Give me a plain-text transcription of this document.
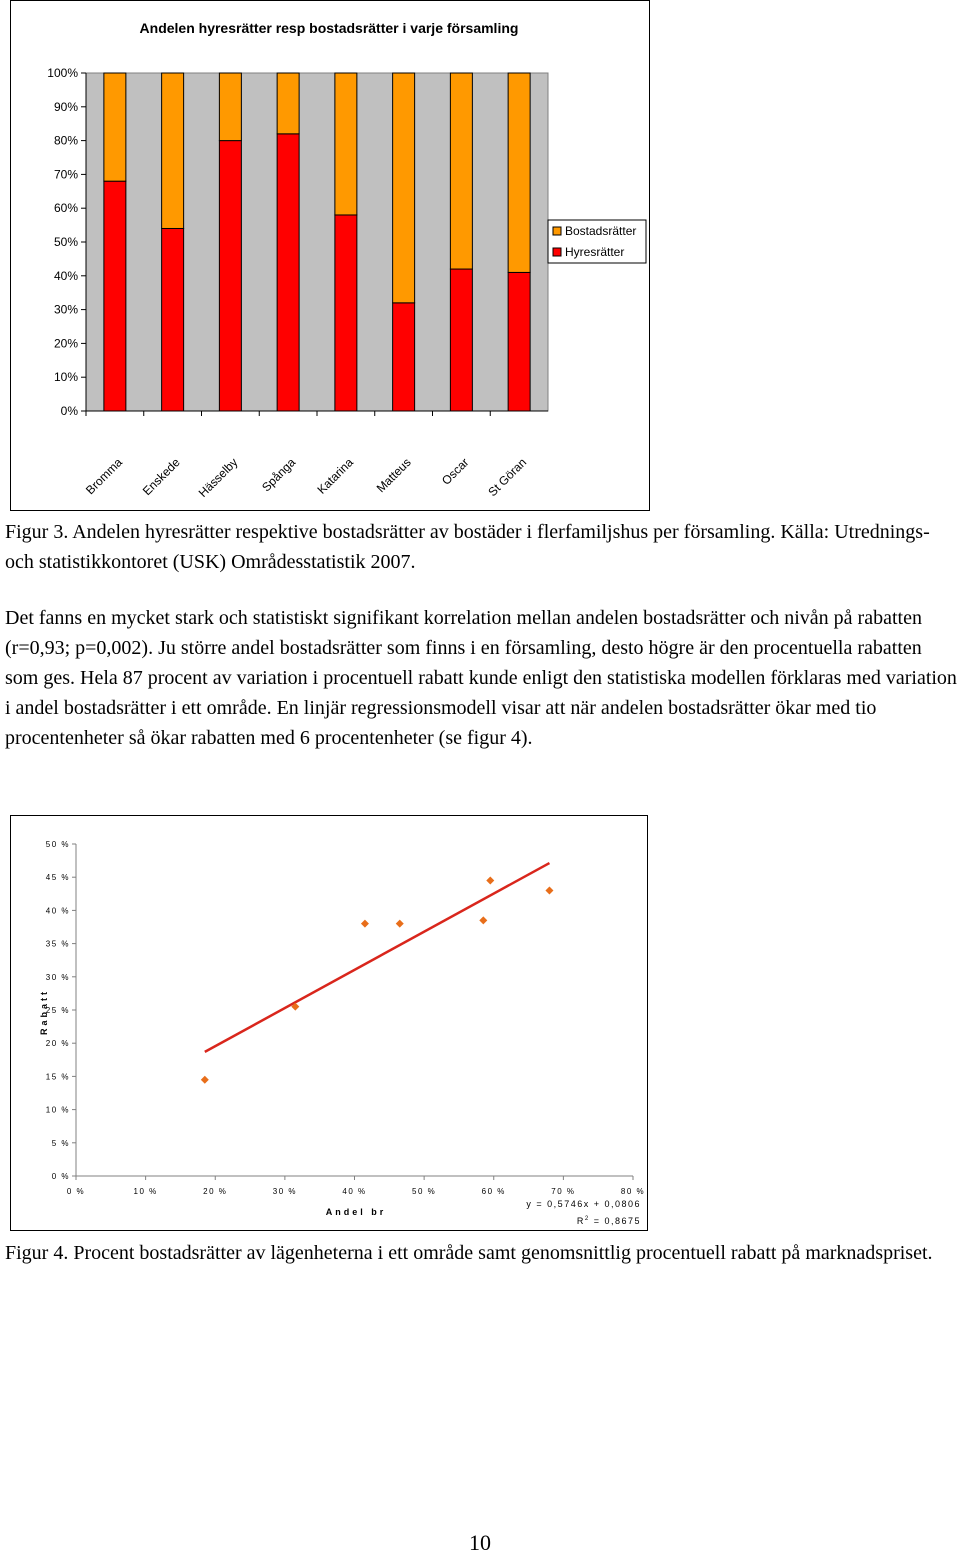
Andelen hyresrätter resp bostadsrätter i varje församling
0%
10%
20%
30%
40%
50%
60%
70%
80%
90%
100%
Bromma Enskede Hässelby Spånga Katarina Matteus Oscar St Göran
Bostadsrätter
Hyresrätter
Figur 3. Andelen hyresrätter respektive bostadsrätter av bostäder i flerfamiljshus per församling. Källa: Utrednings- och statistikkontoret (USK) Områdesstatistik 2007.
Det fanns en mycket stark och statistiskt signifikant korrelation mellan andelen bostadsrätter och nivån på rabatten (r=0,93; p=0,002). Ju större andel bostadsrätter som finns i en församling, desto högre är den procentuella rabatten som ges. Hela 87 procent av variation i procentuell rabatt kunde enligt den statistiska modellen förklaras med variation i andel bostadsrätter i ett område. En linjär regressionsmodell visar att när andelen bostadsrätter ökar med tio procentenheter så ökar rabatten med 6 procentenheter (se figur 4).
0 %
5 %
10 %
15 %
20 %
25 %
30 %
35 %
40 %
45 %
50 %
0 %	10 %	20 %	30 %	40 %	50 %	60 %	70 %	80 %
Andel br
Rabatt
y = 0,5746x + 0,0806
$R^2 = 0,8675$
Figur 4. Procent bostadsrätter av lägenheterna i ett område samt genomsnittlig procentuell rabatt på marknadspriset.
10
